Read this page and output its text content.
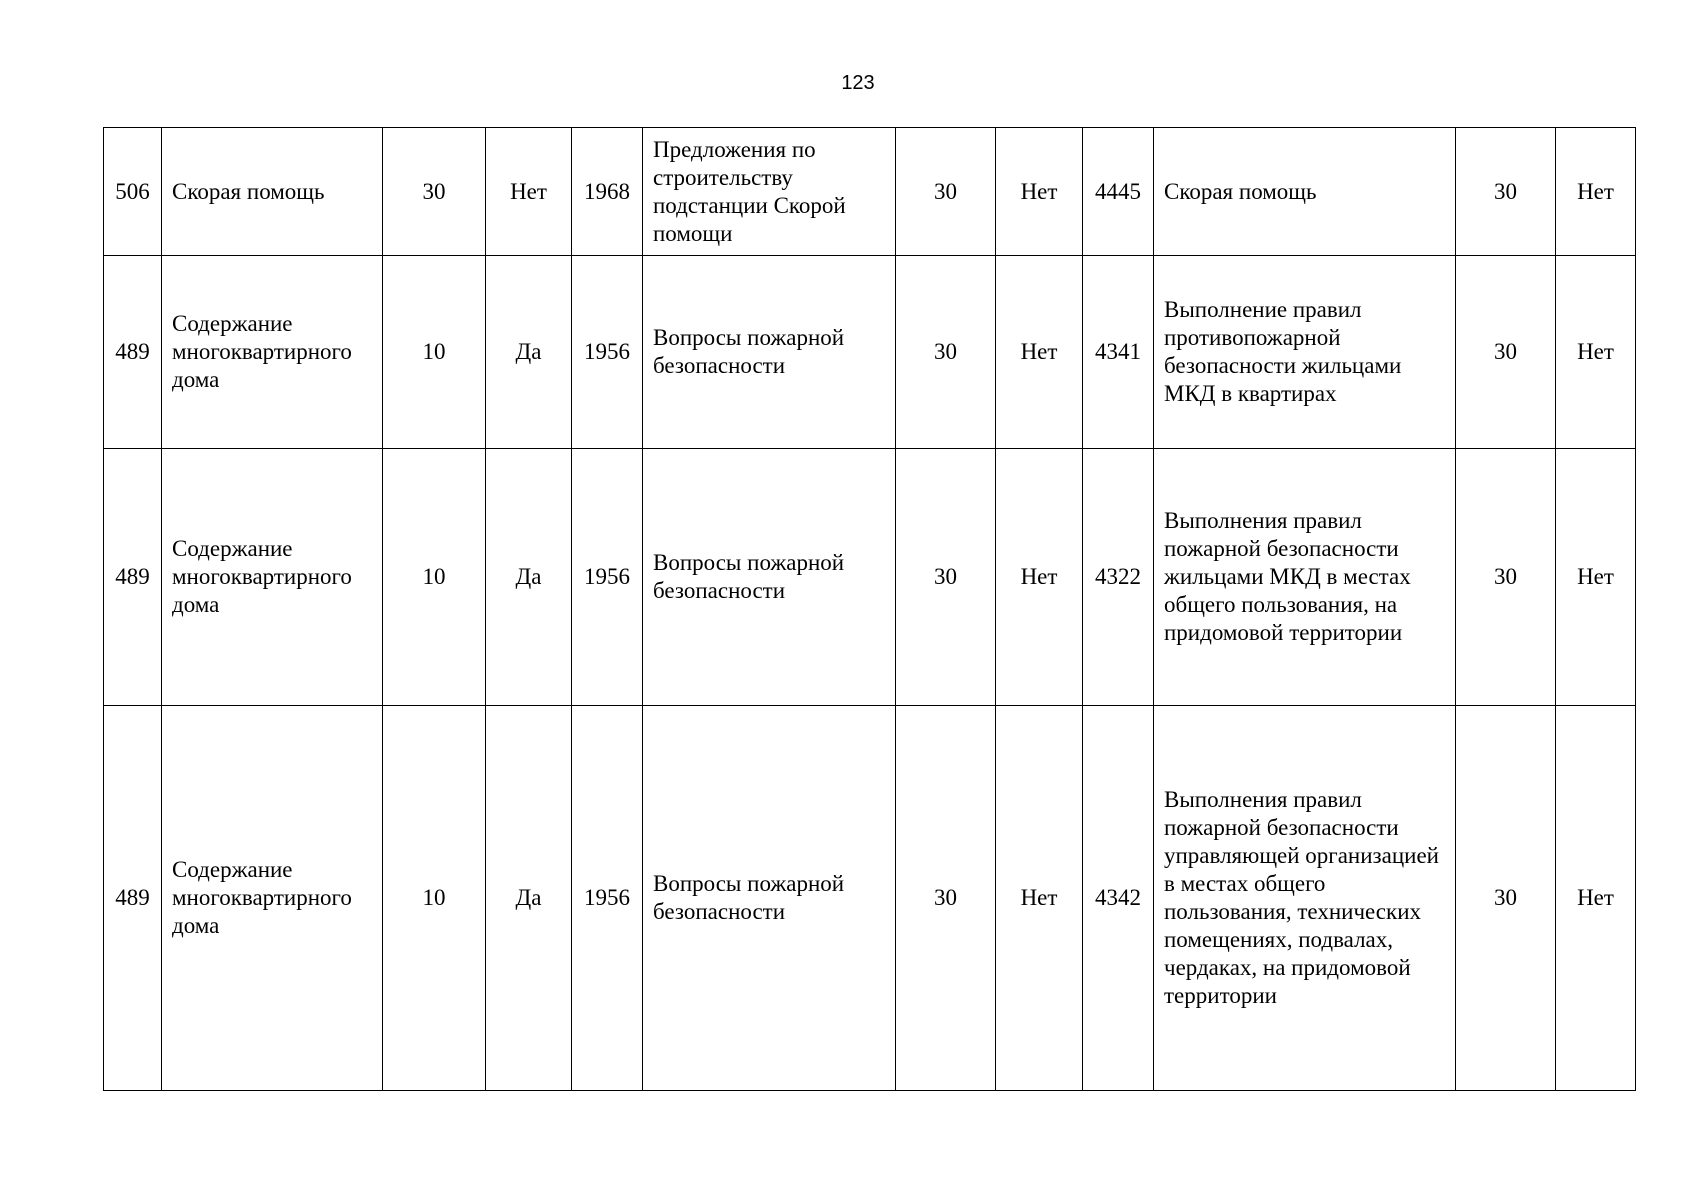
123
506	Скорая помощь	30	Нет	1968	Предложения по строительству подстанции Скорой помощи	30	Нет	4445	Скорая помощь	30	Нет
489	Содержание многоквартирного дома	10	Да	1956	Вопросы пожарной безопасности	30	Нет	4341	Выполнение правил противопожарной безопасности жильцами МКД в квартирах	30	Нет
489	Содержание многоквартирного дома	10	Да	1956	Вопросы пожарной безопасности	30	Нет	4322	Выполнения правил пожарной безопасности жильцами МКД в местах общего пользования, на придомовой территории	30	Нет
489	Содержание многоквартирного дома	10	Да	1956	Вопросы пожарной безопасности	30	Нет	4342	Выполнения правил пожарной безопасности управляющей организацией в местах общего пользования, технических помещениях, подвалах, чердаках, на придомовой территории	30	Нет
